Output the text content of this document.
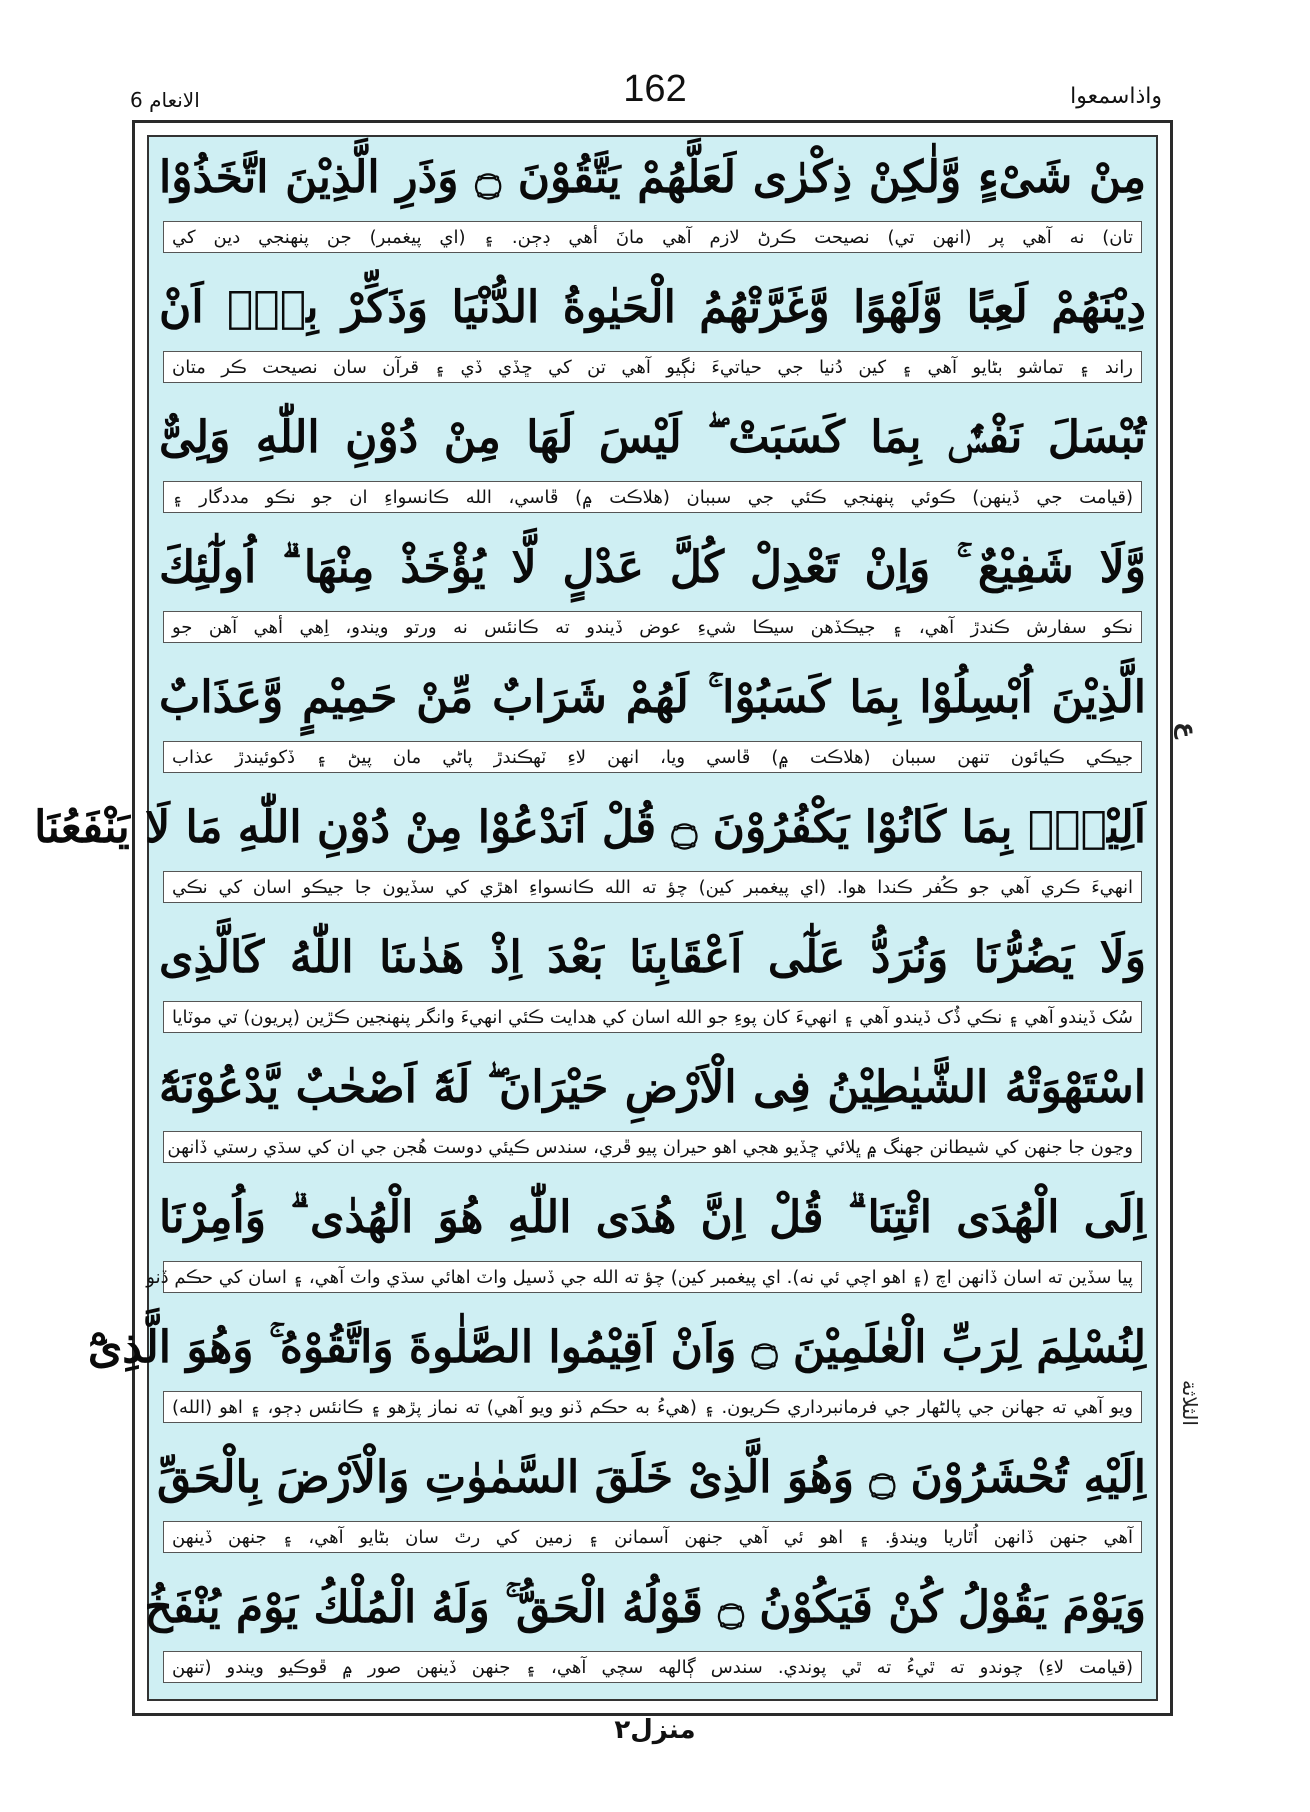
الانعام 6	162	واذاسمعوا
مِنْ شَىْءٍ وَّلٰكِنْ ذِكْرٰى لَعَلَّهُمْ يَتَّقُوْنَ ۝ وَذَرِ الَّذِيْنَ اتَّخَذُوْا
تان) نه آهي پر (انهن تي) نصيحت ڪرڻ لازم آهي مانَ أهي ڊڄن. ۽ (اي پيغمبر) جن پنهنجي دين کي
دِيْنَهُمْ لَعِبًا وَّلَهْوًا وَّغَرَّتْهُمُ الْحَيٰوةُ الدُّنْيَا وَذَكِّرْ بِهٖٓ اَنْ
راند ۽ تماشو بڻايو آهي ۽ کين دُنيا جي حياتيءَ ٺڳيو آهي تن کي ڇڏي ڏي ۽ قرآن سان نصيحت ڪر متان
تُبْسَلَ نَفْسٌۢ بِمَا كَسَبَتْ ۖ لَيْسَ لَهَا مِنْ دُوْنِ اللّٰهِ وَلِىٌّ
(قيامت جي ڏينهن) ڪوئي پنهنجي ڪئي جي سببان (هلاڪت ۾) ڦاسي، الله ڪانسواءِ ان جو نڪو مددگار ۽
وَّلَا شَفِيْعٌ ۚ وَاِنْ تَعْدِلْ كُلَّ عَدْلٍ لَّا يُؤْخَذْ مِنْهَا ۗ اُولٰٓئِكَ
نڪو سفارش ڪندڙ آهي، ۽ جيڪڏهن سيڪا شيءِ عوض ڏيندو ته ڪانئس نه ورتو ويندو، اِهي أهي آهن جو
الَّذِيْنَ اُبْسِلُوْا بِمَا كَسَبُوْا ۚ لَهُمْ شَرَابٌ مِّنْ حَمِيْمٍ وَّعَذَابٌ
جيڪي ڪيائون تنهن سببان (هلاڪت ۾) ڦاسي ويا، انهن لاءِ ٽهڪندڙ پاڻي مان پيڻ ۽ ڏکوئيندڙ عذاب
اَلِيْمٌۢ بِمَا كَانُوْا يَكْفُرُوْنَ ۝ قُلْ اَنَدْعُوْا مِنْ دُوْنِ اللّٰهِ مَا لَا يَنْفَعُنَا
انهيءَ ڪري آهي جو ڪُفر ڪندا هوا. (اي پيغمبر کين) چؤ ته الله ڪانسواءِ اهڙي کي سڏيون جا جيڪو اسان کي نڪي
وَلَا يَضُرُّنَا وَنُرَدُّ عَلٰٓى اَعْقَابِنَا بَعْدَ اِذْ هَدٰىنَا اللّٰهُ كَالَّذِى
سُک ڏيندو آهي ۽ نڪي ڏُک ڏيندو آهي ۽ انهيءَ کان پوءِ جو الله اسان کي هدايت ڪئي انهيءَ وانگر پنهنجين ڪڙين (پريون) تي موٽايا
اسْتَهْوَتْهُ الشَّيٰطِيْنُ فِى الْاَرْضِ حَيْرَانَ ۖ لَهٗٓ اَصْحٰبٌ يَّدْعُوْنَهٗٓ
وڃون جا جنهن کي شيطانن جهنگ ۾ ڀلائي ڇڏيو هجي اهو حيران پيو ڦري، سندس ڪيئي دوست هُجن جي ان کي سڌي رستي ڏانهن
اِلَى الْهُدَى ائْتِنَا ۗ قُلْ اِنَّ هُدَى اللّٰهِ هُوَ الْهُدٰى ۗ وَاُمِرْنَا
پيا سڏين ته اسان ڏانهن اچ (۽ اهو اچي ئي نه). اي پيغمبر کين) چؤ ته الله جي ڏسيل واٽ اهائي سڌي واٽ آهي، ۽ اسان کي حڪم ڏنو
لِنُسْلِمَ لِرَبِّ الْعٰلَمِيْنَ ۝ وَاَنْ اَقِيْمُوا الصَّلٰوةَ وَاتَّقُوْهُ ۚ وَهُوَ الَّذِىْٓ
ويو آهي ته جهانن جي پالڻهار جي فرمانبرداري ڪريون. ۽ (هيءُ به حڪم ڏنو ويو آهي) ته نماز پڙهو ۽ ڪانئس ڊڄو، ۽ اهو (الله)
اِلَيْهِ تُحْشَرُوْنَ ۝ وَهُوَ الَّذِىْ خَلَقَ السَّمٰوٰتِ وَالْاَرْضَ بِالْحَقِّ
آهي جنهن ڏانهن اُٿاريا ويندؤ. ۽ اهو ئي آهي جنهن آسمانن ۽ زمين کي رٿ سان بڻايو آهي، ۽ جنهن ڏينهن
وَيَوْمَ يَقُوْلُ كُنْ فَيَكُوْنُ ۝ قَوْلُهُ الْحَقُّ ۚ وَلَهُ الْمُلْكُ يَوْمَ يُنْفَخُ
(قيامت لاءِ) چوندو ته ٿيءُ ته ٿي پوندي. سندس ڳالهه سچي آهي، ۽ جنهن ڏينهن صور ۾ ڦوڪيو ويندو (تنهن
ع
الثلاثة
منزل٢
